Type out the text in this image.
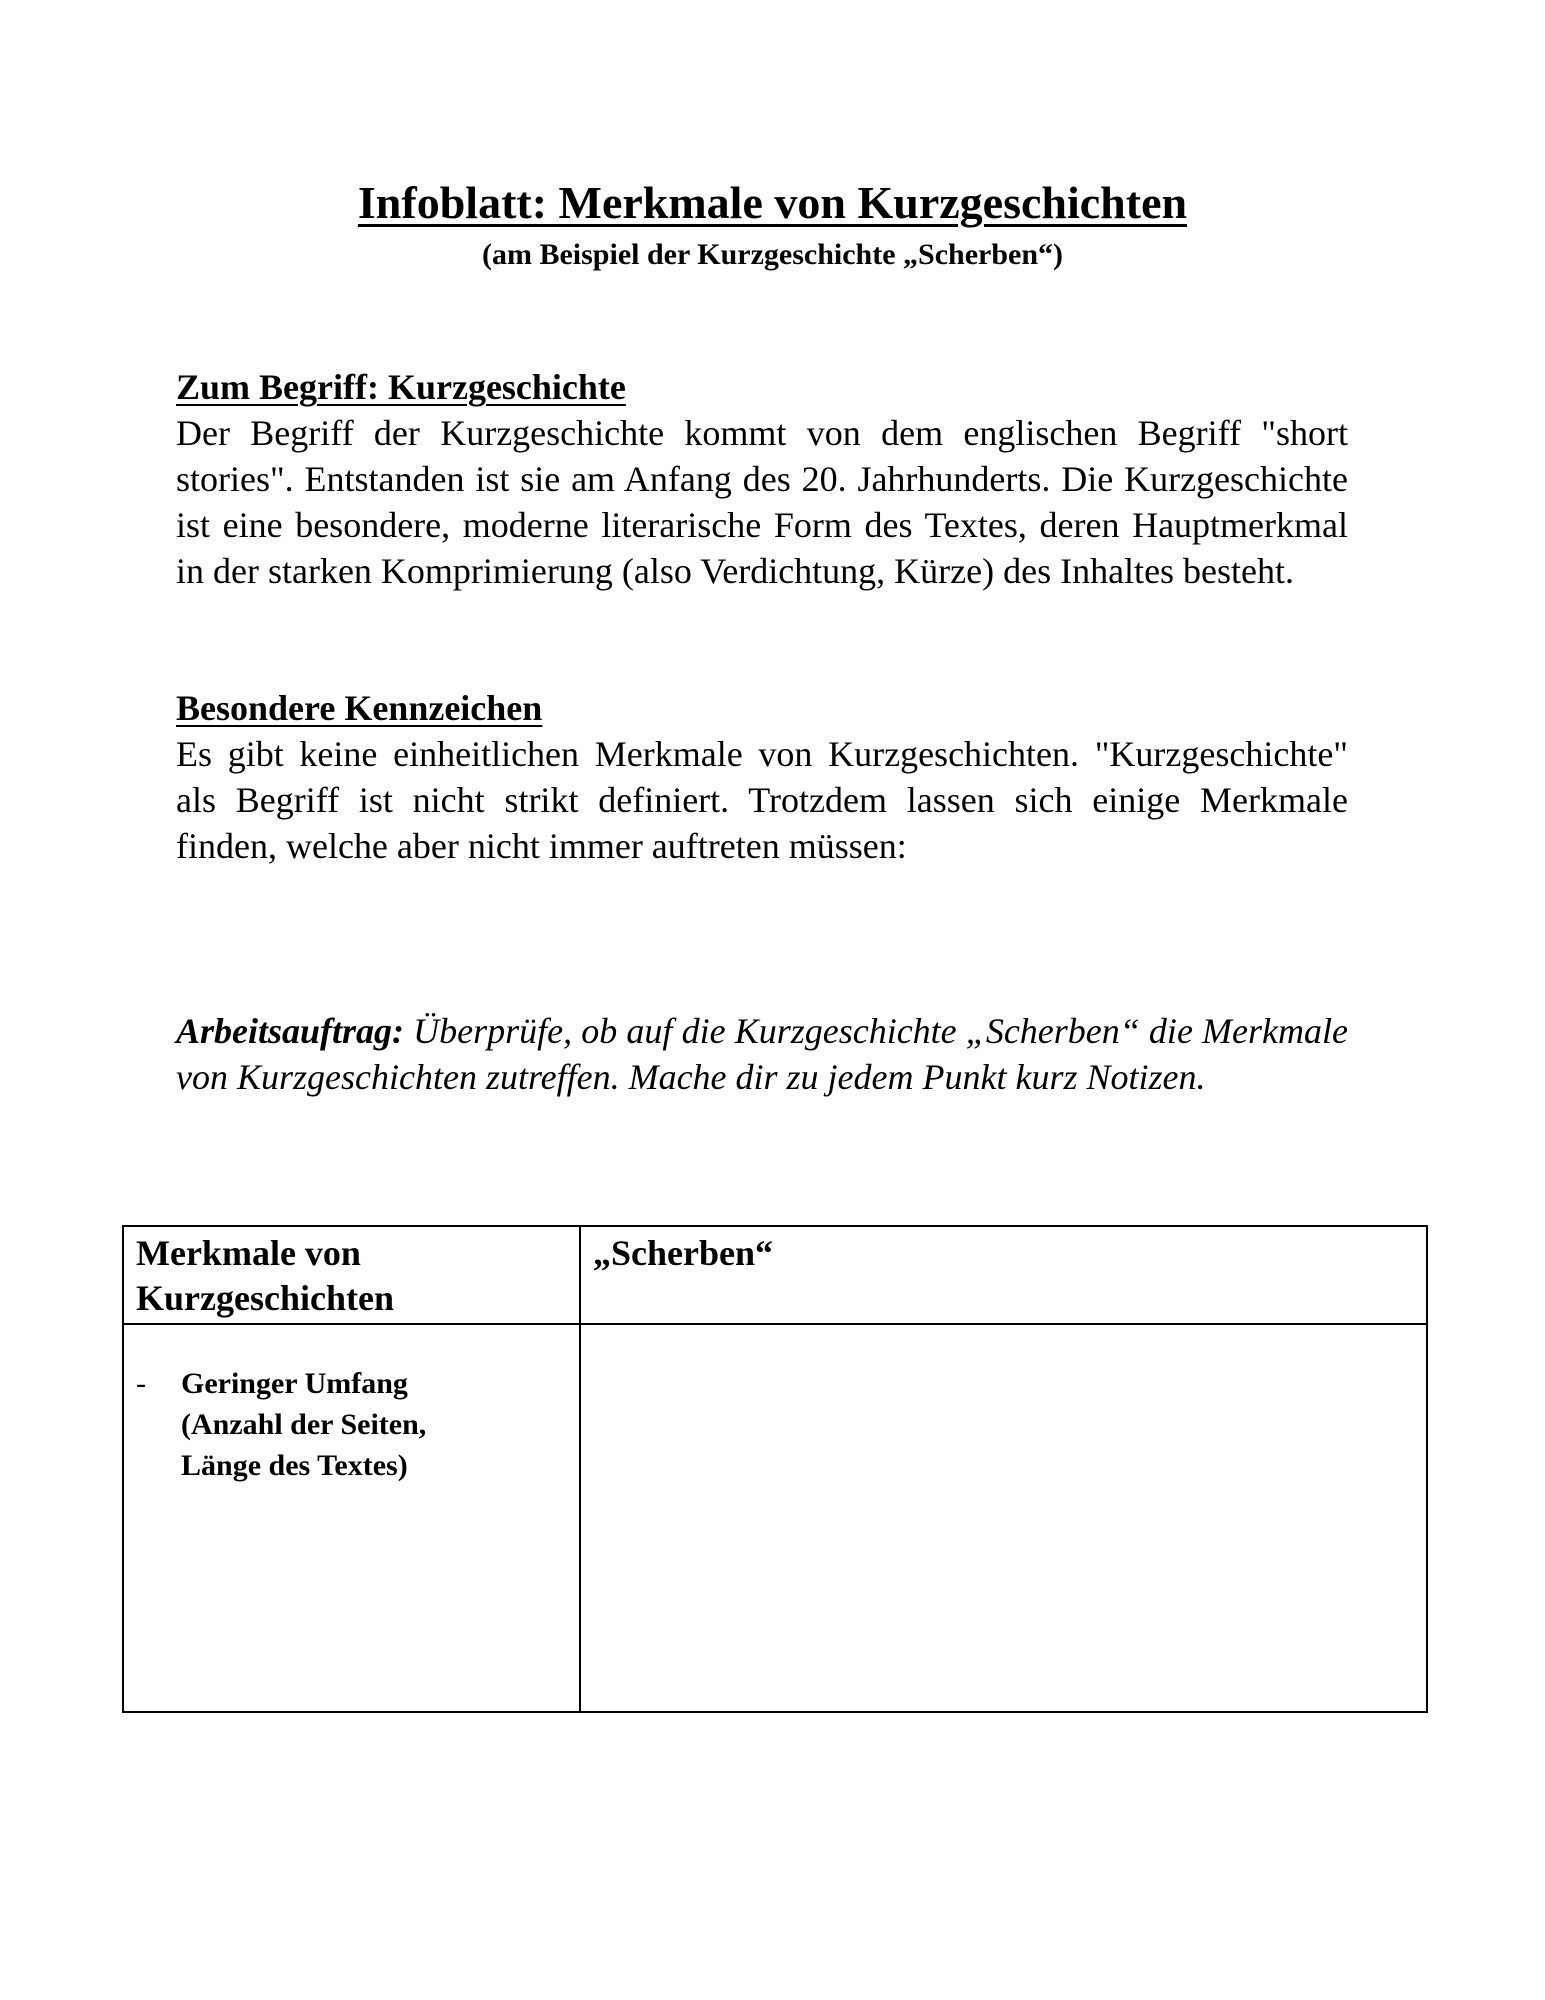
Infoblatt: Merkmale von Kurzgeschichten

(am Beispiel der Kurzgeschichte „Scherben“)

Zum Begriff: Kurzgeschichte

Der Begriff der Kurzgeschichte kommt von dem englischen Begriff "short stories". Entstanden ist sie am Anfang des 20. Jahrhunderts. Die Kurzgeschichte ist eine besondere, moderne literarische Form des Textes, deren Hauptmerkmal in der starken Komprimierung (also Verdichtung, Kürze) des Inhaltes besteht.

Besondere Kennzeichen

Es gibt keine einheitlichen Merkmale von Kurzgeschichten. "Kurzgeschichte" als Begriff ist nicht strikt definiert. Trotzdem lassen sich einige Merkmale finden, welche aber nicht immer auftreten müssen:

Arbeitsauftrag: Überprüfe, ob auf die Kurzgeschichte „Scherben“ die Merkmale von Kurzgeschichten zutreffen. Mache dir zu jedem Punkt kurz Notizen.

Merkmale von Kurzgeschichten	„Scherben“

- Geringer Umfang (Anzahl der Seiten, Länge des Textes)	
